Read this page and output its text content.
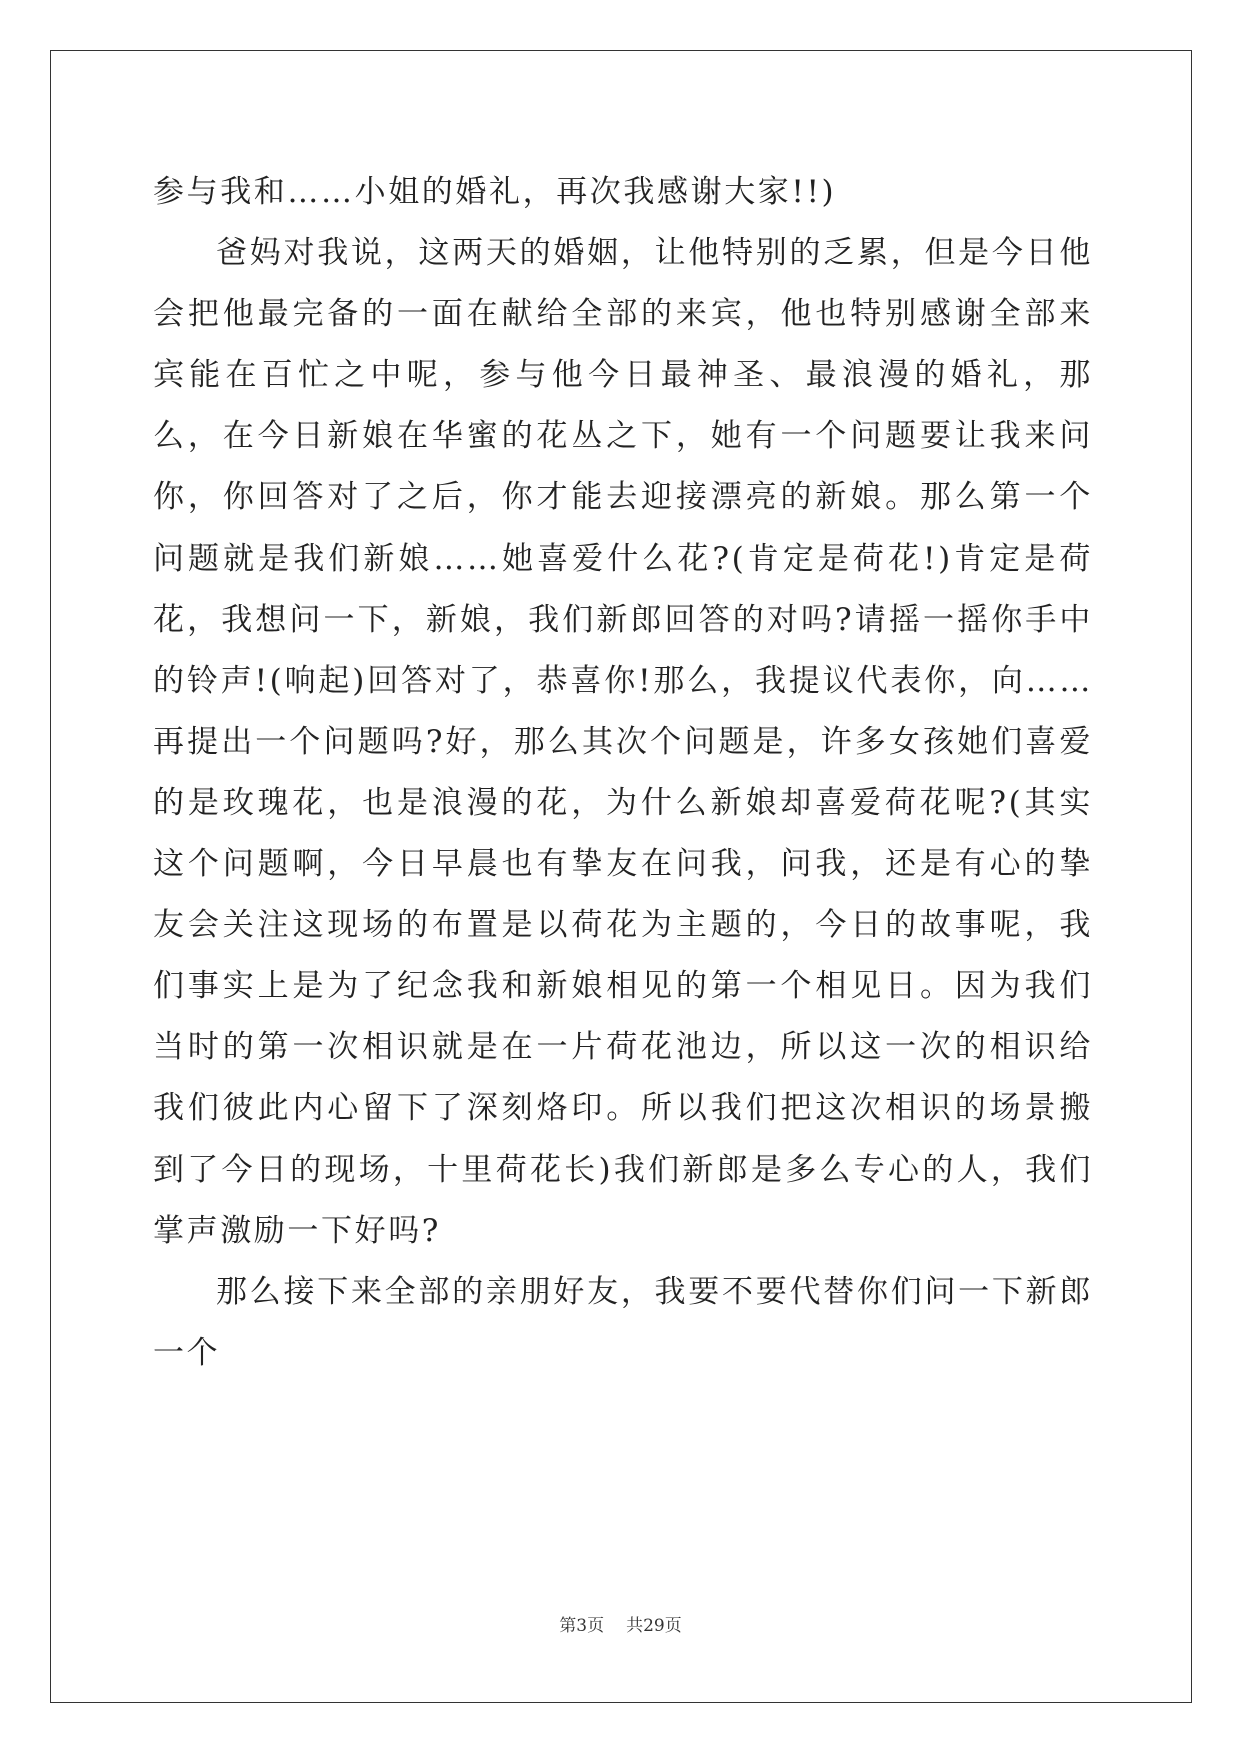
参与我和……小姐的婚礼，再次我感谢大家!!)

爸妈对我说，这两天的婚姻，让他特别的乏累，但是今日他会把他最完备的一面在献给全部的来宾，他也特别感谢全部来宾能在百忙之中呢，参与他今日最神圣、最浪漫的婚礼，那么，在今日新娘在华蜜的花丛之下，她有一个问题要让我来问你，你回答对了之后，你才能去迎接漂亮的新娘。那么第一个问题就是我们新娘……她喜爱什么花?(肯定是荷花!)肯定是荷花，我想问一下，新娘，我们新郎回答的对吗?请摇一摇你手中的铃声!(响起)回答对了，恭喜你!那么，我提议代表你，向……再提出一个问题吗?好，那么其次个问题是，许多女孩她们喜爱的是玫瑰花，也是浪漫的花，为什么新娘却喜爱荷花呢?(其实这个问题啊，今日早晨也有挚友在问我，问我，还是有心的挚友会关注这现场的布置是以荷花为主题的，今日的故事呢，我们事实上是为了纪念我和新娘相见的第一个相见日。因为我们当时的第一次相识就是在一片荷花池边，所以这一次的相识给我们彼此内心留下了深刻烙印。所以我们把这次相识的场景搬到了今日的现场，十里荷花长)我们新郎是多么专心的人，我们掌声激励一下好吗?

那么接下来全部的亲朋好友，我要不要代替你们问一下新郎一个

第3页 共29页
